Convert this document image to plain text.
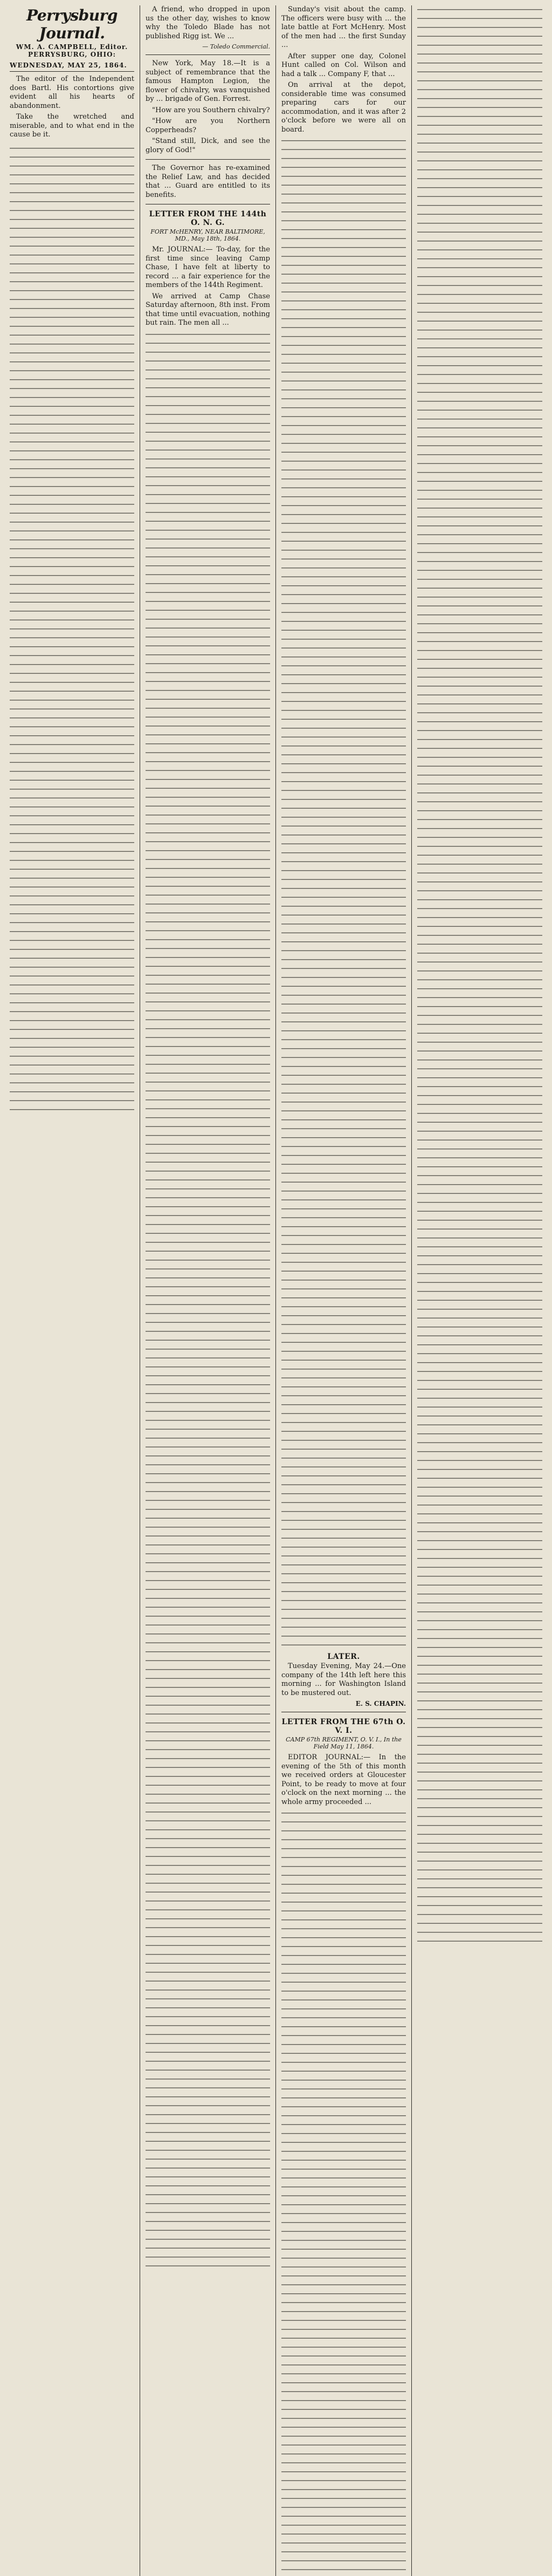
Perrysburg Journal.
WM. A. CAMPBELL, Editor.
PERRYSBURG, OHIO:
WEDNESDAY, MAY 25, 1864.

The editor of the Independent does Bartl. His contortions give evident all his hearts of abandonment.

Take the wretched and miserable, and to what end in the cause be it.

A friend, who dropped in upon us the other day, wishes to know why the Toledo Blade has not published Rigg ist. We ...

— Toledo Commercial.

New York, May 18.—It is a subject of remembrance that the famous Hampton Legion, the flower of chivalry, was vanquished by ... brigade of Gen. Forrest.

"How are you Southern chivalry?

"How are you Northern Copperheads?

"Stand still, Dick, and see the glory of God!"

The Governor has re-examined the Relief Law, and has decided that ... Guard are entitled to its benefits.

LETTER FROM THE 144th O. N. G.
FORT McHENRY, NEAR BALTIMORE, MD., May 18th, 1864.

Mr. JOURNAL:— To-day, for the first time since leaving Camp Chase, I have felt at liberty to record ... a fair experience for the members of the 144th Regiment.

We arrived at Camp Chase Saturday afternoon, 8th inst. From that time until evacuation, nothing but rain. The men all ...

Sunday's visit about the camp. The officers were busy with ... the late battle at Fort McHenry. Most of the men had ... the first Sunday ...

After supper one day, Colonel Hunt called on Col. Wilson and had a talk ... Company F, that ...

On arrival at the depot, considerable time was consumed preparing cars for our accommodation, and it was after 2 o'clock before we were all on board.

LATER.

Tuesday Evening, May 24.—One company of the 14th left here this morning ... for Washington Island to be mustered out.

E. S. CHAPIN.
LETTER FROM THE 67th O. V. I.
CAMP 67th REGIMENT, O. V. I., In the Field May 11, 1864.

EDITOR JOURNAL:— In the evening of the 5th of this month we received orders at Gloucester Point, to be ready to move at four o'clock on the next morning ... the whole army proceeded ...
